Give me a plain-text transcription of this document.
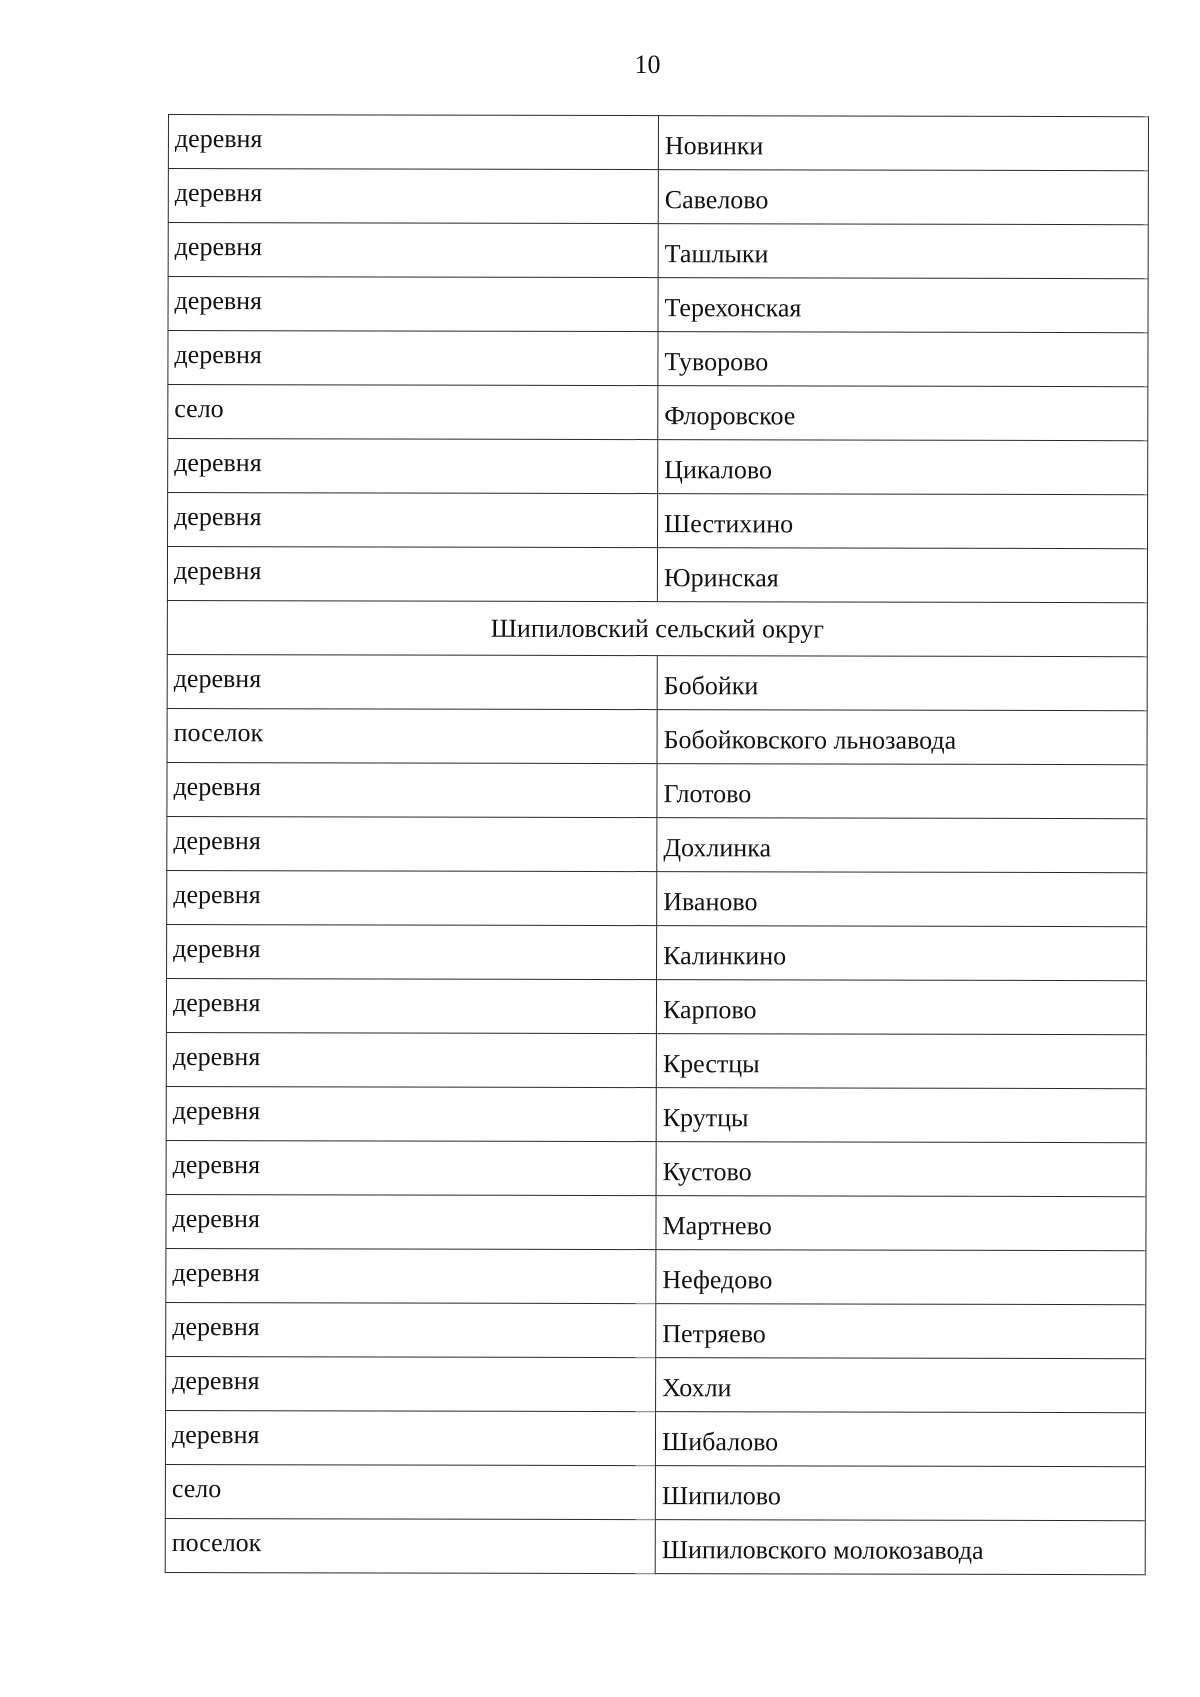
10
деревня	Новинки
деревня	Савелово
деревня	Ташлыки
деревня	Терехонская
деревня	Туворово
село	Флоровское
деревня	Цикалово
деревня	Шестихино
деревня	Юринская
Шипиловский сельский округ	
деревня	Бобойки
поселок	Бобойковского льнозавода
деревня	Глотово
деревня	Дохлинка
деревня	Иваново
деревня	Калинкино
деревня	Карпово
деревня	Крестцы
деревня	Крутцы
деревня	Кустово
деревня	Мартнево
деревня	Нефедово
деревня	Петряево
деревня	Хохли
деревня	Шибалово
село	Шипилово
поселок	Шипиловского молокозавода
